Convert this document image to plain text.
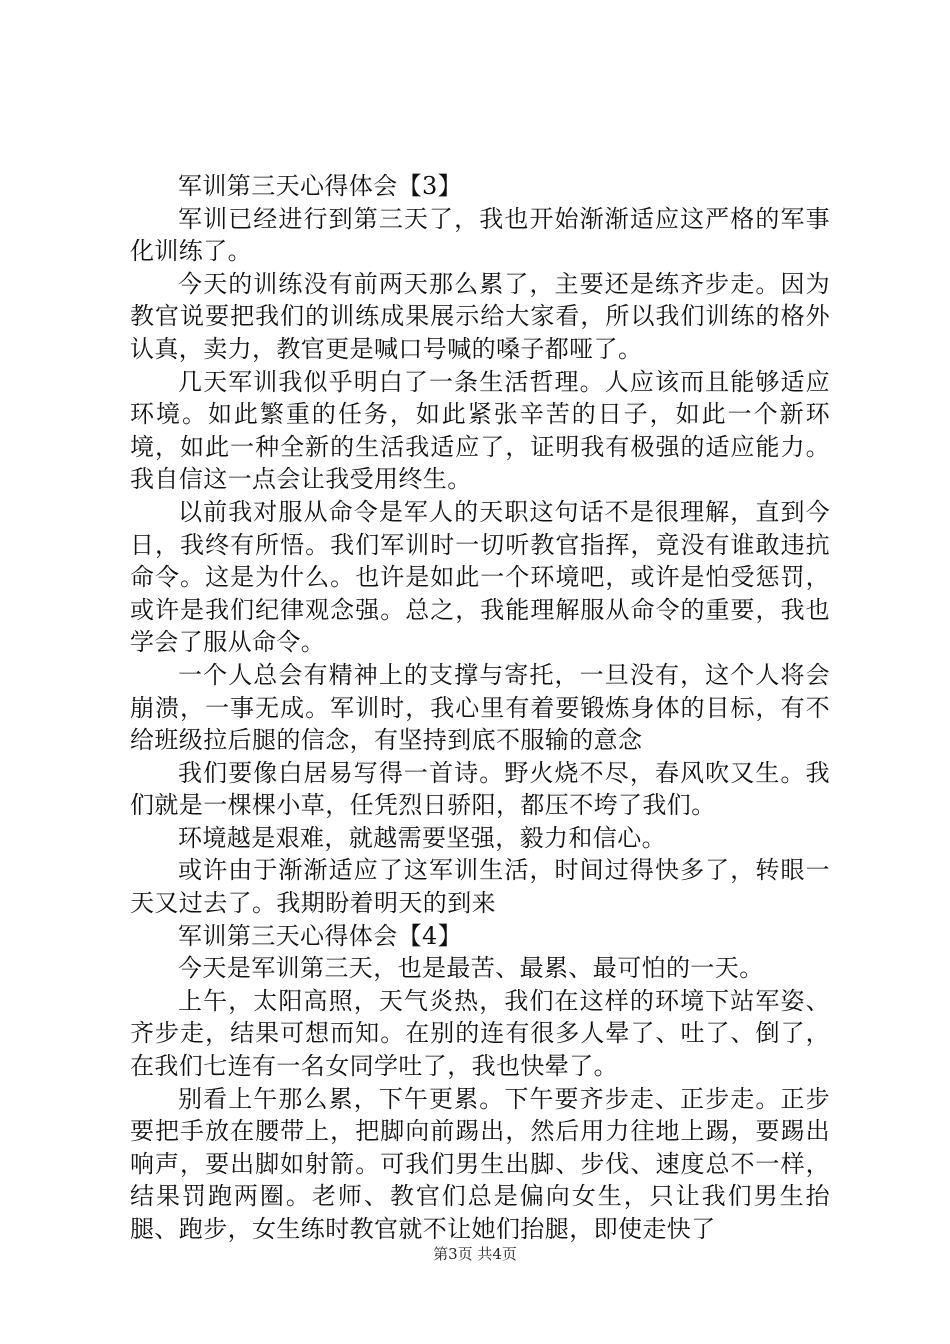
军训第三天心得体会【3】

军训已经进行到第三天了，我也开始渐渐适应这严格的军事化训练了。

今天的训练没有前两天那么累了，主要还是练齐步走。因为教官说要把我们的训练成果展示给大家看，所以我们训练的格外认真，卖力，教官更是喊口号喊的嗓子都哑了。

几天军训我似乎明白了一条生活哲理。人应该而且能够适应环境。如此繁重的任务，如此紧张辛苦的日子，如此一个新环境，如此一种全新的生活我适应了，证明我有极强的适应能力。我自信这一点会让我受用终生。

以前我对服从命令是军人的天职这句话不是很理解，直到今日，我终有所悟。我们军训时一切听教官指挥，竟没有谁敢违抗命令。这是为什么。也许是如此一个环境吧，或许是怕受惩罚，或许是我们纪律观念强。总之，我能理解服从命令的重要，我也学会了服从命令。

一个人总会有精神上的支撑与寄托，一旦没有，这个人将会崩溃，一事无成。军训时，我心里有着要锻炼身体的目标，有不给班级拉后腿的信念，有坚持到底不服输的意念

我们要像白居易写得一首诗。野火烧不尽，春风吹又生。我们就是一棵棵小草，任凭烈日骄阳，都压不垮了我们。

环境越是艰难，就越需要坚强，毅力和信心。

或许由于渐渐适应了这军训生活，时间过得快多了，转眼一天又过去了。我期盼着明天的到来

军训第三天心得体会【4】

今天是军训第三天，也是最苦、最累、最可怕的一天。

上午，太阳高照，天气炎热，我们在这样的环境下站军姿、齐步走，结果可想而知。在别的连有很多人晕了、吐了、倒了，在我们七连有一名女同学吐了，我也快晕了。

别看上午那么累，下午更累。下午要齐步走、正步走。正步要把手放在腰带上，把脚向前踢出，然后用力往地上踢，要踢出响声，要出脚如射箭。可我们男生出脚、步伐、速度总不一样，结果罚跑两圈。老师、教官们总是偏向女生，只让我们男生抬腿、跑步，女生练时教官就不让她们抬腿，即使走快了

第3页 共4页
